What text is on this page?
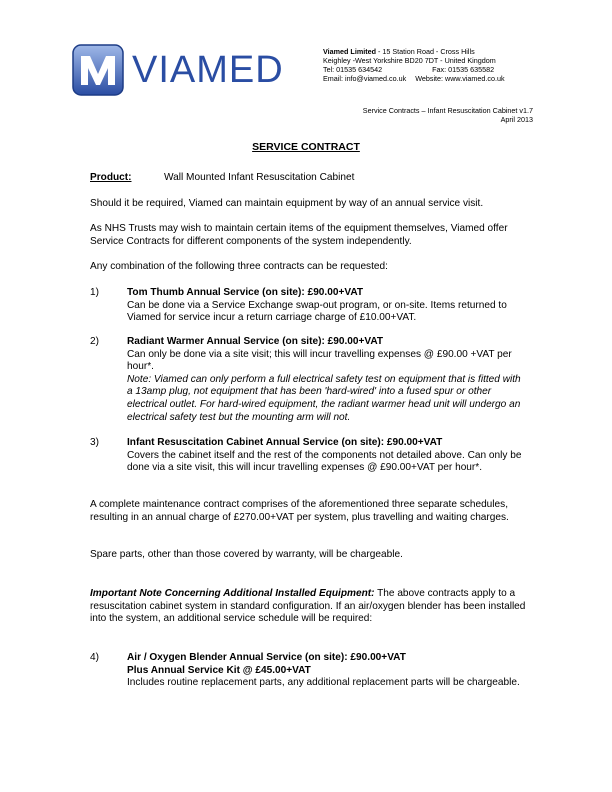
VIAMED	Viamed Limited - 15 Station Road - Cross Hills
Keighley -West Yorkshire BD20 7DT - United Kingdom
Tel: 01535 634542	Fax: 01535 635582
Email: info@viamed.co.uk Website: www.viamed.co.uk
Service Contracts – Infant Resuscitation Cabinet v1.7
April 2013
SERVICE CONTRACT
Product:	Wall Mounted Infant Resuscitation Cabinet
Should it be required, Viamed can maintain equipment by way of an annual service visit.
As NHS Trusts may wish to maintain certain items of the equipment themselves, Viamed offer Service Contracts for different components of the system independently.
Any combination of the following three contracts can be requested:
1)	Tom Thumb Annual Service (on site): £90.00+VAT
Can be done via a Service Exchange swap-out program, or on-site. Items returned to Viamed for service incur a return carriage charge of £10.00+VAT.
2)	Radiant Warmer Annual Service (on site): £90.00+VAT
Can only be done via a site visit; this will incur travelling expenses @ £90.00 +VAT per hour*.
Note: Viamed can only perform a full electrical safety test on equipment that is fitted with a 13amp plug, not equipment that has been 'hard-wired' into a fused spur or other electrical outlet. For hard-wired equipment, the radiant warmer head unit will undergo an electrical safety test but the mounting arm will not.
3)	Infant Resuscitation Cabinet Annual Service (on site): £90.00+VAT
Covers the cabinet itself and the rest of the components not detailed above. Can only be done via a site visit, this will incur travelling expenses @ £90.00+VAT per hour*.
A complete maintenance contract comprises of the aforementioned three separate schedules, resulting in an annual charge of £270.00+VAT per system, plus travelling and waiting charges.
Spare parts, other than those covered by warranty, will be chargeable.
Important Note Concerning Additional Installed Equipment: The above contracts apply to a resuscitation cabinet system in standard configuration. If an air/oxygen blender has been installed into the system, an additional service schedule will be required:
4)	Air / Oxygen Blender Annual Service (on site): £90.00+VAT
Plus Annual Service Kit @ £45.00+VAT
Includes routine replacement parts, any additional replacement parts will be chargeable.
